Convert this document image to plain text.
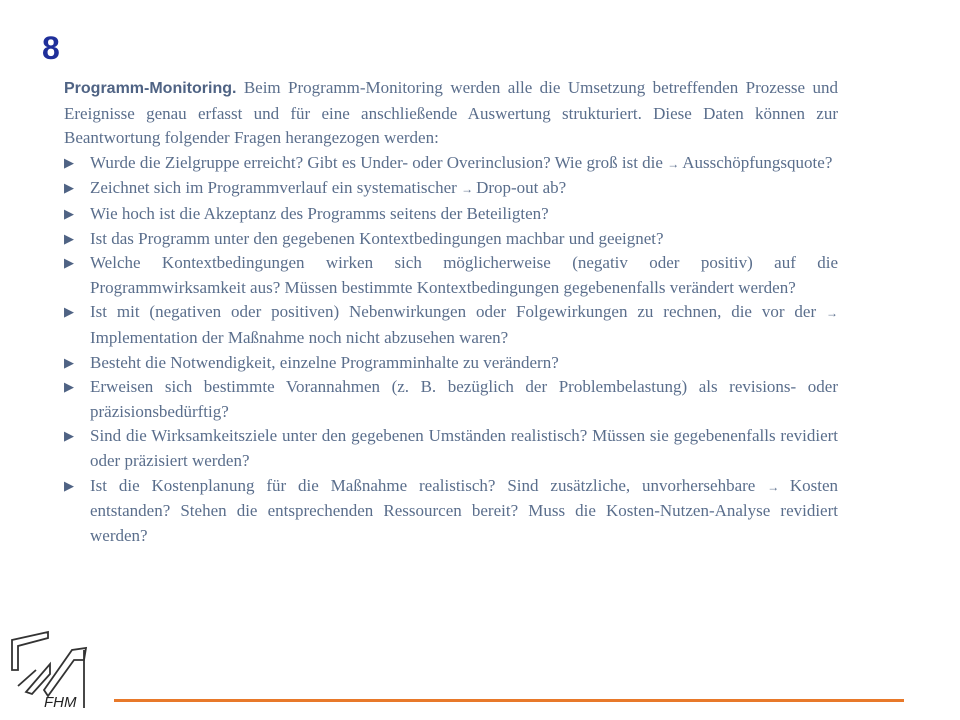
8

Programm-Monitoring. Beim Programm-Monitoring werden alle die Umsetzung betreffenden Prozesse und Ereignisse genau erfasst und für eine anschließende Auswertung strukturiert. Diese Daten können zur Beantwortung folgender Fragen herangezogen werden:

▶ Wurde die Zielgruppe erreicht? Gibt es Under- oder Overinclusion? Wie groß ist die → Ausschöpfungsquote?
▶ Zeichnet sich im Programmverlauf ein systematischer → Drop-out ab?
▶ Wie hoch ist die Akzeptanz des Programms seitens der Beteiligten?
▶ Ist das Programm unter den gegebenen Kontextbedingungen machbar und geeignet?
▶ Welche Kontextbedingungen wirken sich möglicherweise (negativ oder positiv) auf die Programmwirksamkeit aus? Müssen bestimmte Kontextbedingungen gegebenenfalls verändert werden?
▶ Ist mit (negativen oder positiven) Nebenwirkungen oder Folgewirkungen zu rechnen, die vor der → Implementation der Maßnahme noch nicht abzusehen waren?
▶ Besteht die Notwendigkeit, einzelne Programminhalte zu verändern?
▶ Erweisen sich bestimmte Vorannahmen (z. B. bezüglich der Problembelastung) als revisions- oder präzisionsbedürftig?
▶ Sind die Wirksamkeitsziele unter den gegebenen Umständen realistisch? Müssen sie gegebenenfalls revidiert oder präzisiert werden?
▶ Ist die Kostenplanung für die Maßnahme realistisch? Sind zusätzliche, unvorhersehbare → Kosten entstanden? Stehen die entsprechenden Ressourcen bereit? Muss die Kosten-Nutzen-Analyse revidiert werden?
FHM
